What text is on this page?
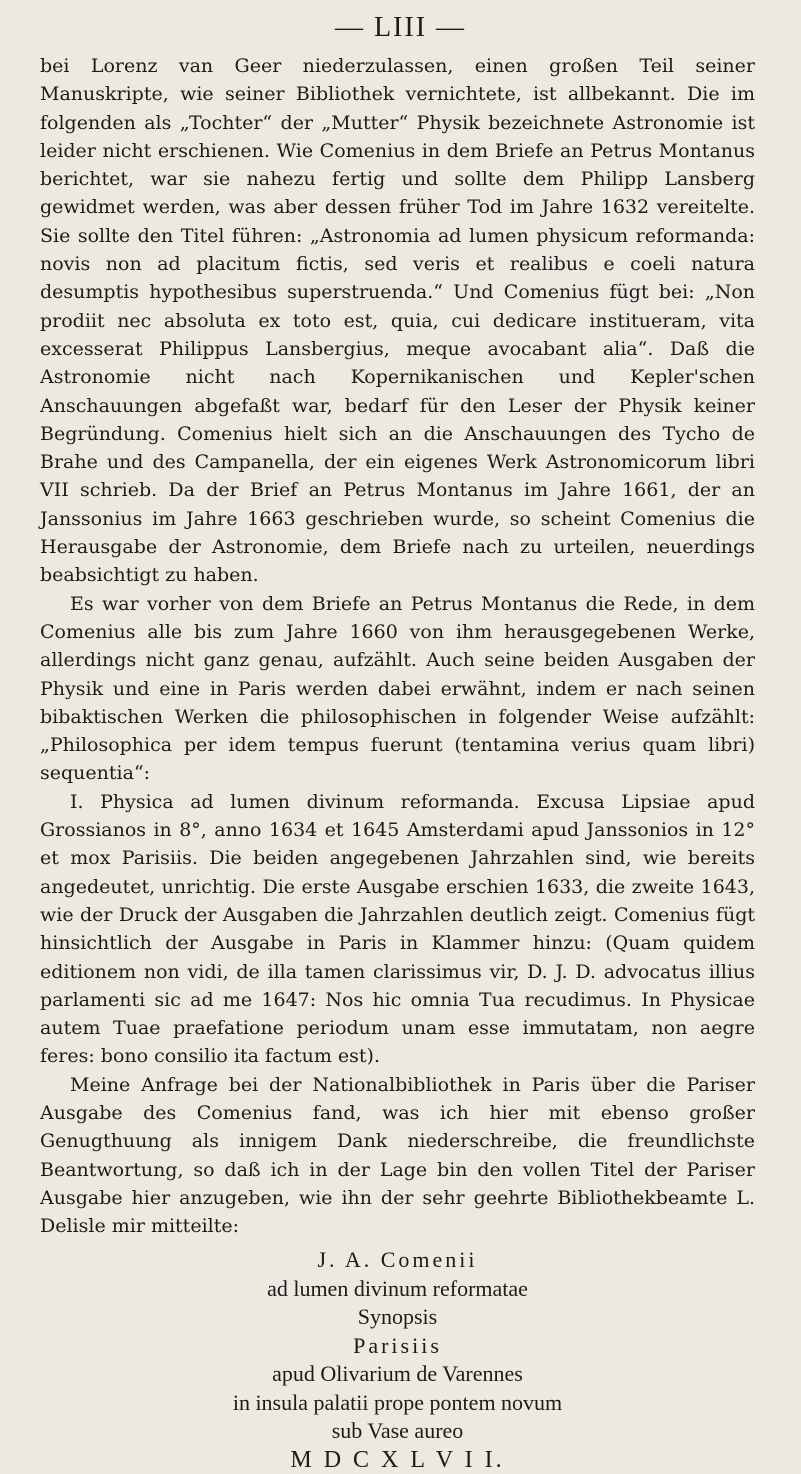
— LIII —

bei Lorenz van Geer niederzulassen, einen großen Teil seiner Manuskripte, wie seiner Bibliothek vernichtete, ist allbekannt. Die im folgenden als „Tochter“ der „Mutter“ Physik bezeichnete Astronomie ist leider nicht erschienen. Wie Comenius in dem Briefe an Petrus Montanus berichtet, war sie nahezu fertig und sollte dem Philipp Lansberg gewidmet werden, was aber dessen früher Tod im Jahre 1632 vereitelte. Sie sollte den Titel führen: „Astronomia ad lumen physicum reformanda: novis non ad placitum fictis, sed veris et realibus e coeli natura desumptis hypothesibus superstruenda.“ Und Comenius fügt bei: „Non prodiit nec absoluta ex toto est, quia, cui dedicare institueram, vita excesserat Philippus Lansbergius, meque avocabant alia“. Daß die Astronomie nicht nach Kopernikanischen und Kepler'schen Anschauungen abgefaßt war, bedarf für den Leser der Physik keiner Begründung. Comenius hielt sich an die Anschauungen des Tycho de Brahe und des Campanella, der ein eigenes Werk Astronomicorum libri VII schrieb. Da der Brief an Petrus Montanus im Jahre 1661, der an Janssonius im Jahre 1663 geschrieben wurde, so scheint Comenius die Herausgabe der Astronomie, dem Briefe nach zu urteilen, neuerdings beabsichtigt zu haben.

Es war vorher von dem Briefe an Petrus Montanus die Rede, in dem Comenius alle bis zum Jahre 1660 von ihm herausgegebenen Werke, allerdings nicht ganz genau, aufzählt. Auch seine beiden Ausgaben der Physik und eine in Paris werden dabei erwähnt, indem er nach seinen bibaktischen Werken die philosophischen in folgender Weise aufzählt: „Philosophica per idem tempus fuerunt (tentamina verius quam libri) sequentia“:

I. Physica ad lumen divinum reformanda. Excusa Lipsiae apud Grossianos in 8°, anno 1634 et 1645 Amsterdami apud Janssonios in 12° et mox Parisiis. Die beiden angegebenen Jahrzahlen sind, wie bereits angedeutet, unrichtig. Die erste Ausgabe erschien 1633, die zweite 1643, wie der Druck der Ausgaben die Jahrzahlen deutlich zeigt. Comenius fügt hinsichtlich der Ausgabe in Paris in Klammer hinzu: (Quam quidem editionem non vidi, de illa tamen clarissimus vir, D. J. D. advocatus illius parlamenti sic ad me 1647: Nos hic omnia Tua recudimus. In Physicae autem Tuae praefatione periodum unam esse immutatam, non aegre feres: bono consilio ita factum est).

Meine Anfrage bei der Nationalbibliothek in Paris über die Pariser Ausgabe des Comenius fand, was ich hier mit ebenso großer Genugthuung als innigem Dank niederschreibe, die freundlichste Beantwortung, so daß ich in der Lage bin den vollen Titel der Pariser Ausgabe hier anzugeben, wie ihn der sehr geehrte Bibliothekbeamte L. Delisle mir mitteilte:

J. A. Comenii
ad lumen divinum reformatae
Synopsis
Parisiis
apud Olivarium de Varennes
in insula palatii prope pontem novum
sub Vase aureo
M D C X L V I I.
